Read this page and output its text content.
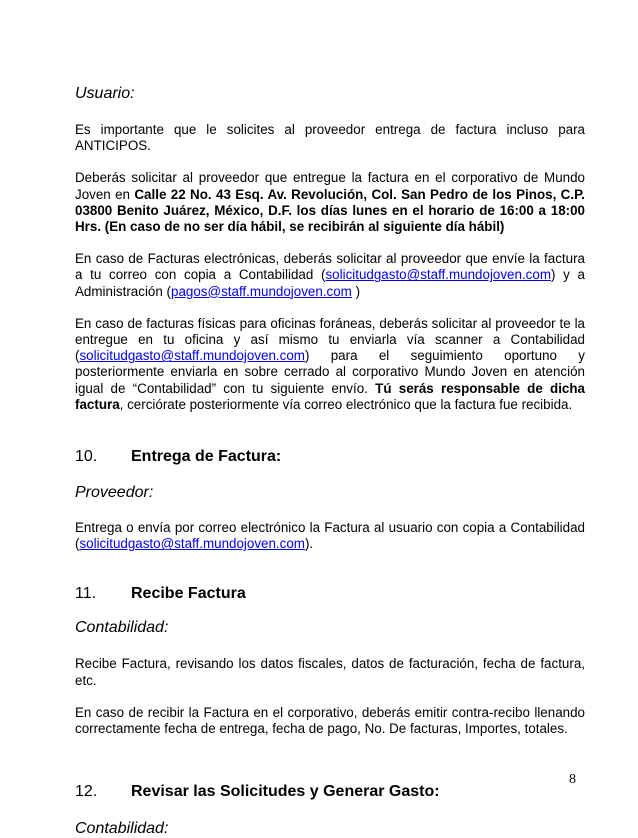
Usuario:

Es importante que le solicites al proveedor entrega de factura incluso para ANTICIPOS.

Deberás solicitar al proveedor que entregue la factura en el corporativo de Mundo Joven en Calle 22 No. 43 Esq. Av. Revolución, Col. San Pedro de los Pinos, C.P. 03800 Benito Juárez, México, D.F. los días lunes en el horario de 16:00 a 18:00 Hrs. (En caso de no ser día hábil, se recibirán al siguiente día hábil)

En caso de Facturas electrónicas, deberás solicitar al proveedor que envíe la factura a tu correo con copia a Contabilidad (solicitudgasto@staff.mundojoven.com) y a Administración (pagos@staff.mundojoven.com )

En caso de facturas físicas para oficinas foráneas, deberás solicitar al proveedor te la entregue en tu oficina y así mismo tu enviarla vía scanner a Contabilidad (solicitudgasto@staff.mundojoven.com) para el seguimiento oportuno y posteriormente enviarla en sobre cerrado al corporativo Mundo Joven en atención igual de “Contabilidad” con tu siguiente envío. Tú serás responsable de dicha factura, cerciórate posteriormente vía correo electrónico que la factura fue recibida.

10.	Entrega de Factura:

Proveedor:

Entrega o envía por correo electrónico la Factura al usuario con copia a Contabilidad (solicitudgasto@staff.mundojoven.com).

11.	Recibe Factura

Contabilidad:

Recibe Factura, revisando los datos fiscales, datos de facturación, fecha de factura, etc.

En caso de recibir la Factura en el corporativo, deberás emitir contra-recibo llenando correctamente fecha de entrega, fecha de pago, No. De facturas, Importes, totales.

12.	Revisar las Solicitudes y Generar Gasto:

Contabilidad:

8
